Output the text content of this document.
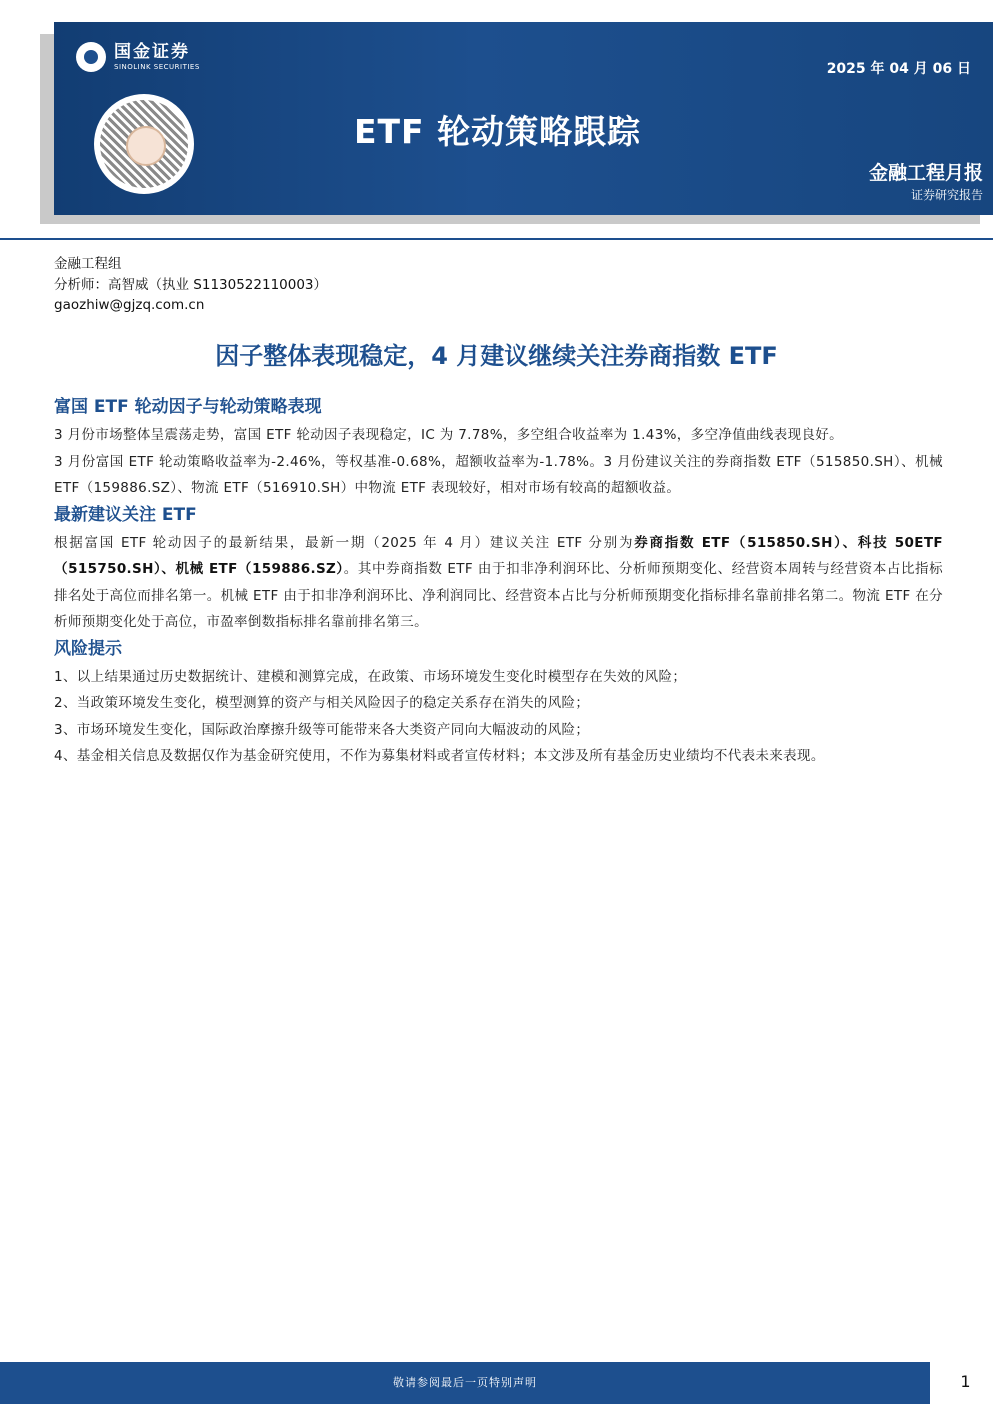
国金证券
SINOLINK SECURITIES	2025 年 04 月 06 日
ETF 轮动策略跟踪
金融工程月报
证券研究报告
金融工程组
分析师：高智威（执业 S1130522110003）
gaozhiw@gjzq.com.cn
因子整体表现稳定，4 月建议继续关注券商指数 ETF
富国 ETF 轮动因子与轮动策略表现

3 月份市场整体呈震荡走势，富国 ETF 轮动因子表现稳定，IC 为 7.78%，多空组合收益率为 1.43%，多空净值曲线表现良好。

3 月份富国 ETF 轮动策略收益率为-2.46%，等权基准-0.68%，超额收益率为-1.78%。3 月份建议关注的券商指数 ETF（515850.SH）、机械 ETF（159886.SZ）、物流 ETF（516910.SH）中物流 ETF 表现较好，相对市场有较高的超额收益。

最新建议关注 ETF

根据富国 ETF 轮动因子的最新结果，最新一期（2025 年 4 月）建议关注 ETF 分别为券商指数 ETF（515850.SH）、科技 50ETF（515750.SH）、机械 ETF（159886.SZ）。其中券商指数 ETF 由于扣非净利润环比、分析师预期变化、经营资本周转与经营资本占比指标排名处于高位而排名第一。机械 ETF 由于扣非净利润环比、净利润同比、经营资本占比与分析师预期变化指标排名靠前排名第二。物流 ETF 在分析师预期变化处于高位，市盈率倒数指标排名靠前排名第三。

风险提示

1、以上结果通过历史数据统计、建模和测算完成，在政策、市场环境发生变化时模型存在失效的风险；

2、当政策环境发生变化，模型测算的资产与相关风险因子的稳定关系存在消失的风险；

3、市场环境发生变化，国际政治摩擦升级等可能带来各大类资产同向大幅波动的风险；

4、基金相关信息及数据仅作为基金研究使用，不作为募集材料或者宣传材料；本文涉及所有基金历史业绩均不代表未来表现。

敬请参阅最后一页特别声明	1
